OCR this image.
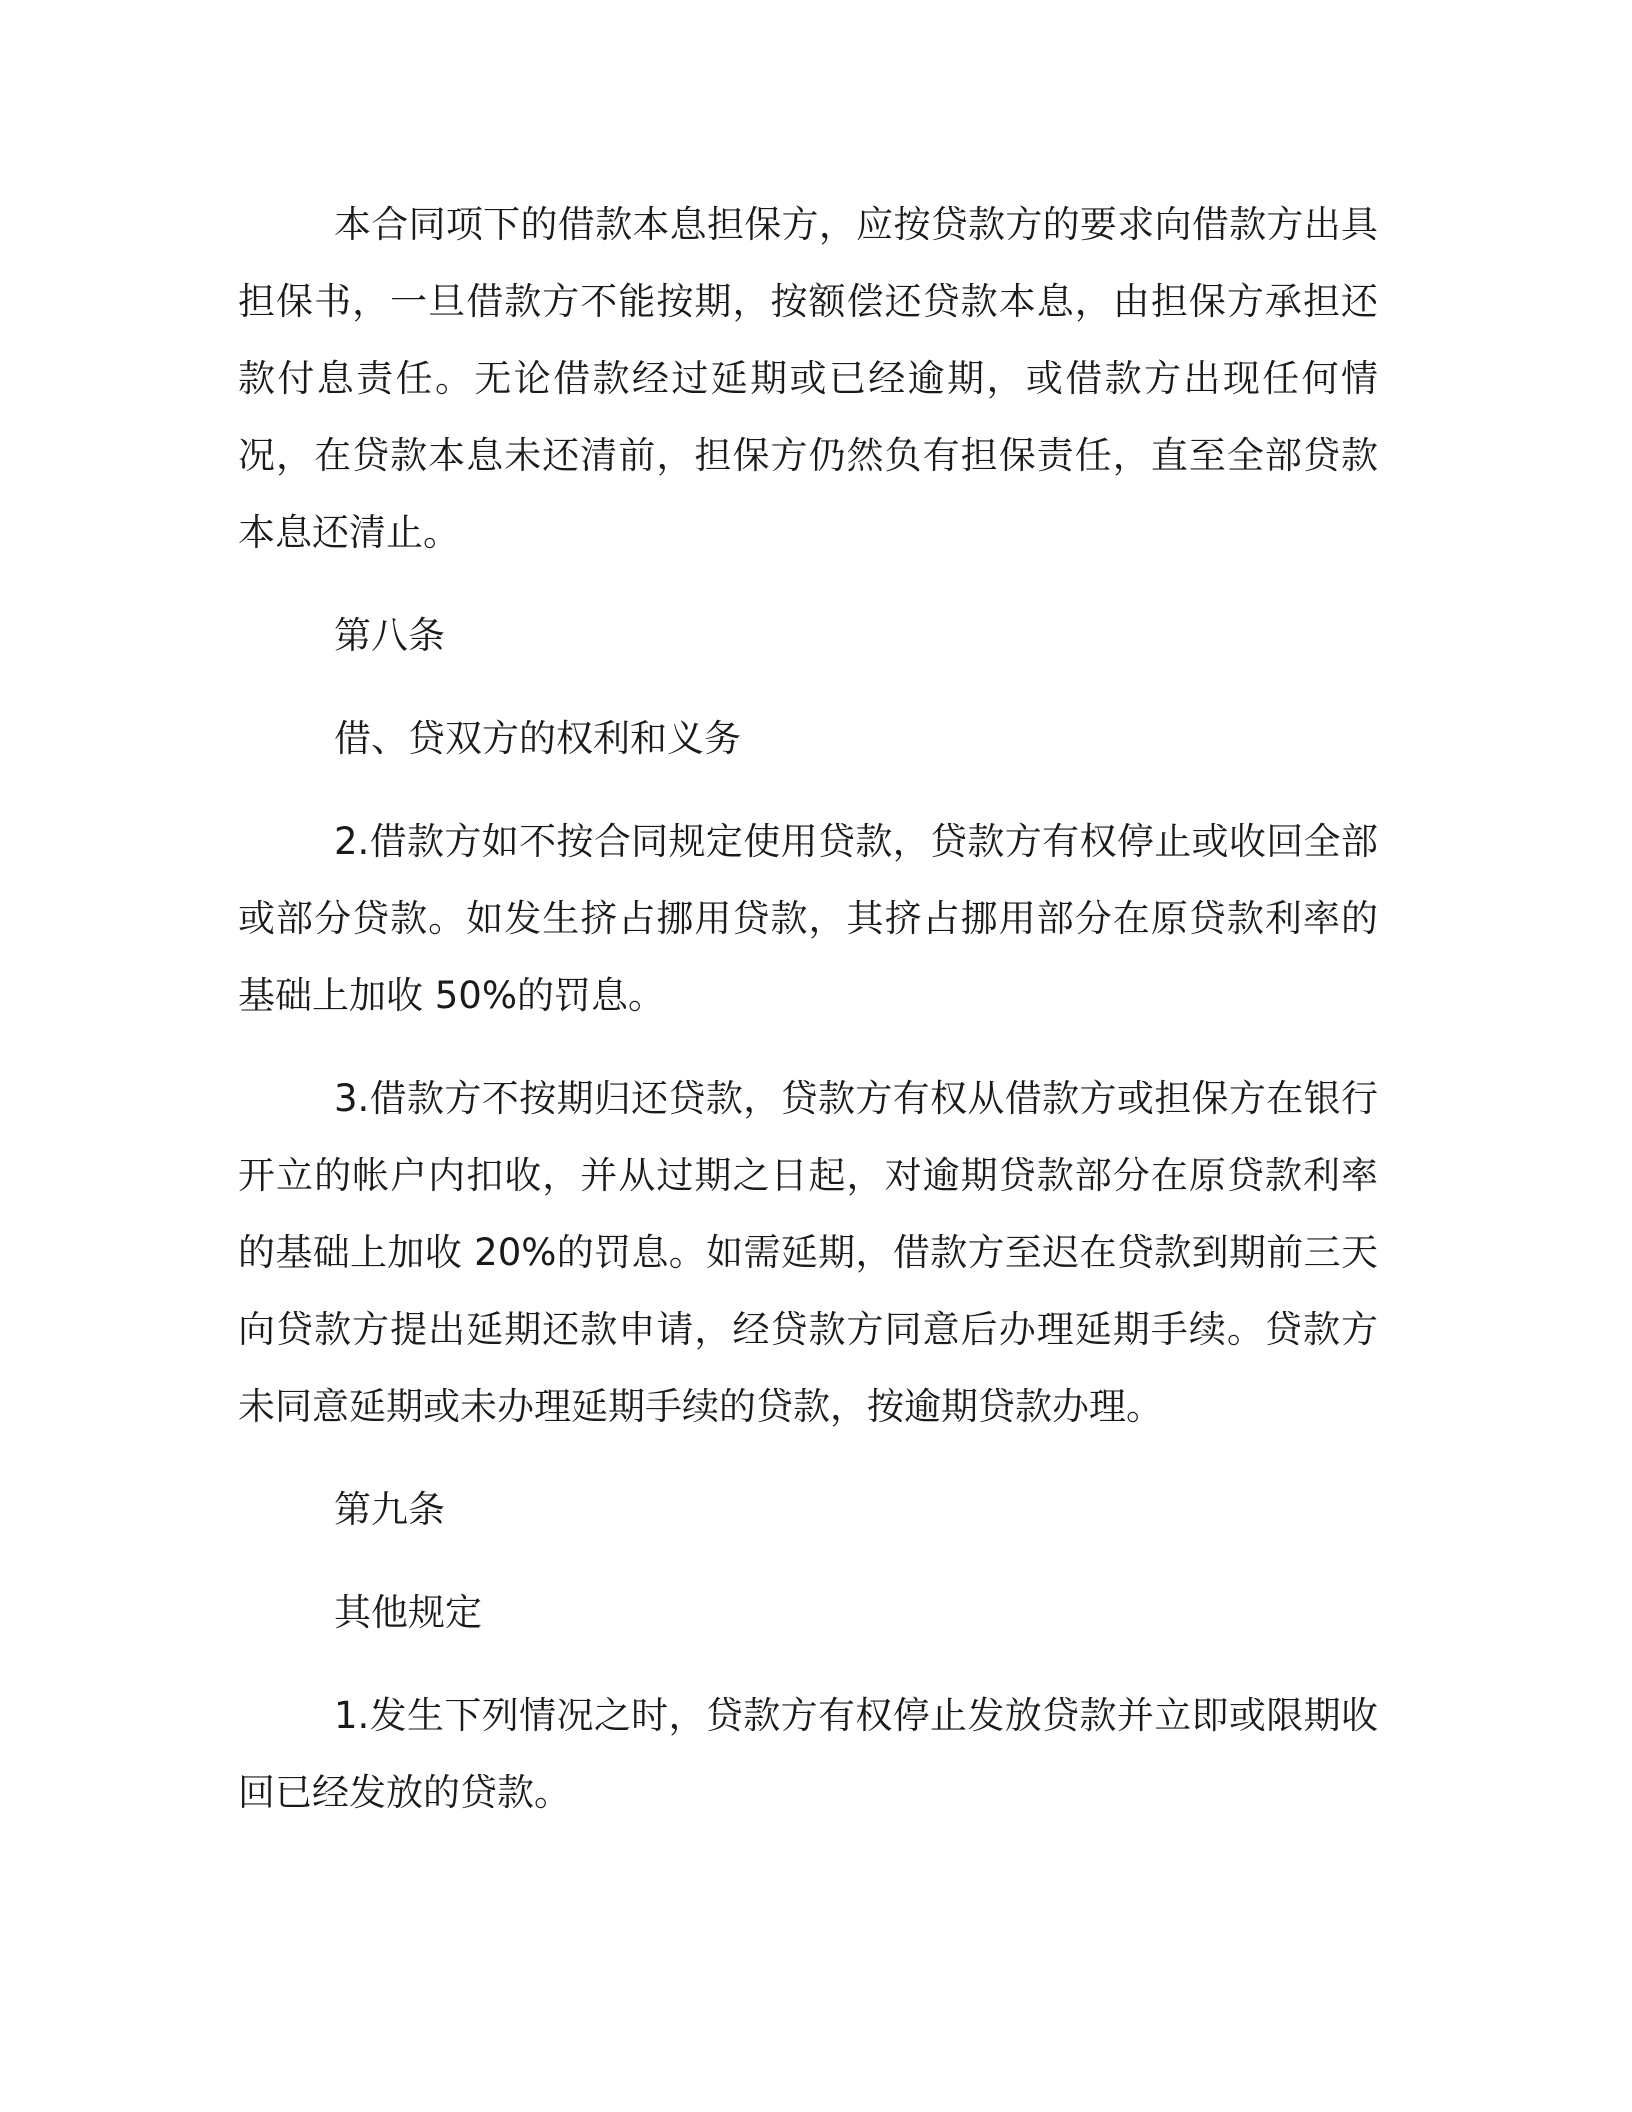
本合同项下的借款本息担保方，应按贷款方的要求向借款方出具担保书，一旦借款方不能按期，按额偿还贷款本息，由担保方承担还款付息责任。无论借款经过延期或已经逾期，或借款方出现任何情况，在贷款本息未还清前，担保方仍然负有担保责任，直至全部贷款本息还清止。

第八条

借、贷双方的权利和义务

2.借款方如不按合同规定使用贷款，贷款方有权停止或收回全部或部分贷款。如发生挤占挪用贷款，其挤占挪用部分在原贷款利率的基础上加收 50%的罚息。

3.借款方不按期归还贷款，贷款方有权从借款方或担保方在银行开立的帐户内扣收，并从过期之日起，对逾期贷款部分在原贷款利率的基础上加收 20%的罚息。如需延期，借款方至迟在贷款到期前三天向贷款方提出延期还款申请，经贷款方同意后办理延期手续。贷款方未同意延期或未办理延期手续的贷款，按逾期贷款办理。

第九条

其他规定

1.发生下列情况之时，贷款方有权停止发放贷款并立即或限期收回已经发放的贷款。
